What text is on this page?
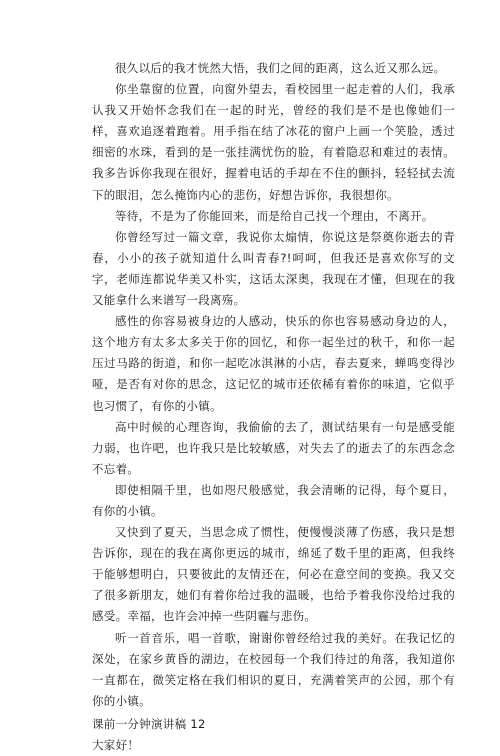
很久以后的我才恍然大悟，我们之间的距离，这么近又那么远。

你坐靠窗的位置，向窗外望去，看校园里一起走着的人们，我承认我又开始怀念我们在一起的时光，曾经的我们是不是也像她们一样，喜欢追逐着跑着。用手指在结了冰花的窗户上画一个笑脸，透过细密的水珠，看到的是一张挂满忧伤的脸，有着隐忍和难过的表情。我多告诉你我现在很好，握着电话的手却在不住的颤抖，轻轻拭去流下的眼泪，怎么掩饰内心的悲伤，好想告诉你，我很想你。

等待，不是为了你能回来，而是给自己找一个理由，不离开。

你曾经写过一篇文章，我说你太煽情，你说这是祭奠你逝去的青春，小小的孩子就知道什么叫青春?!呵呵，但我还是喜欢你写的文字，老师连都说华美又朴实，这话太深奥，我现在才懂，但现在的我又能拿什么来谱写一段离殇。

感性的你容易被身边的人感动，快乐的你也容易感动身边的人，这个地方有太多太多关于你的回忆，和你一起坐过的秋千，和你一起压过马路的街道，和你一起吃冰淇淋的小店，春去夏来，蝉鸣变得沙哑，是否有对你的思念，这记忆的城市还依稀有着你的味道，它似乎也习惯了，有你的小镇。

高中时候的心理咨询，我偷偷的去了，测试结果有一句是感受能力弱，也许吧，也许我只是比较敏感，对失去了的逝去了的东西念念不忘着。

即使相隔千里，也如咫尺般感觉，我会清晰的记得，每个夏日，有你的小镇。

又快到了夏天，当思念成了惯性，便慢慢淡薄了伤感，我只是想告诉你，现在的我在离你更远的城市，绵延了数千里的距离，但我终于能够想明白，只要彼此的友情还在，何必在意空间的变换。我又交了很多新朋友，她们有着你给过我的温暖，也给予着我你没给过我的感受。幸福，也许会冲掉一些阴霾与悲伤。

听一首音乐，唱一首歌，谢谢你曾经给过我的美好。在我记忆的深处，在家乡黄昏的湖边，在校园每一个我们待过的角落，我知道你一直都在，微笑定格在我们相识的夏日，充满着笑声的公园，那个有你的小镇。

课前一分钟演讲稿 12

大家好！
